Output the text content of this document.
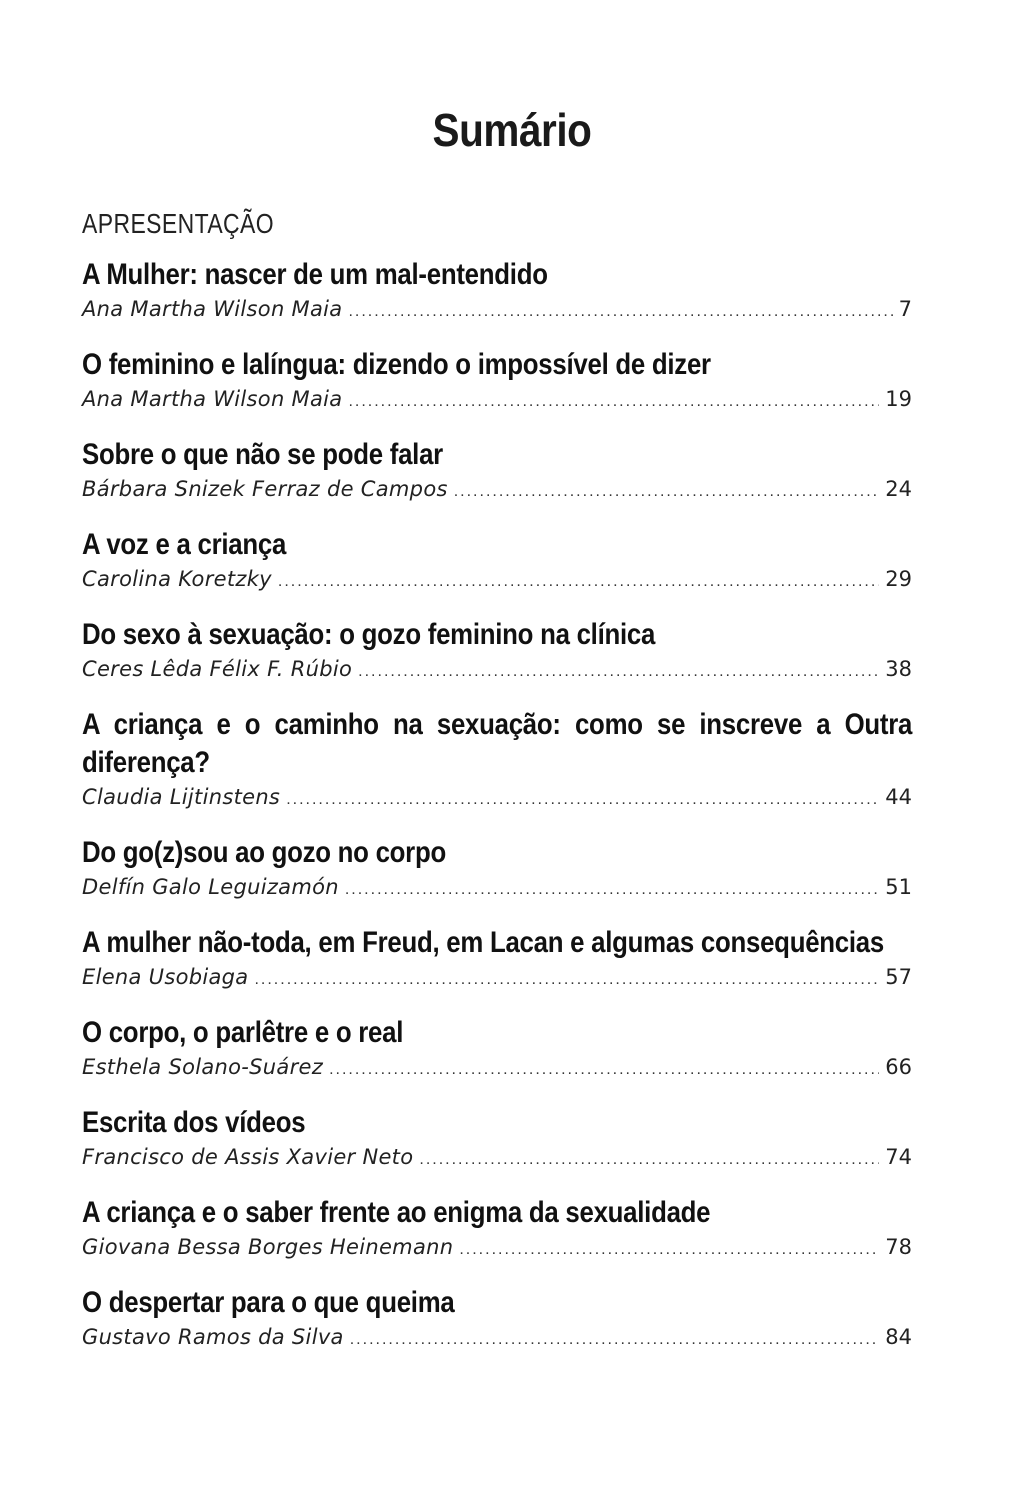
Sumário
APRESENTAÇÃO
A Mulher: nascer de um mal-entendido
Ana Martha Wilson Maia .....	7
O feminino e lalíngua: dizendo o impossível de dizer
Ana Martha Wilson Maia .....	19
Sobre o que não se pode falar
Bárbara Snizek Ferraz de Campos .....	24
A voz e a criança
Carolina Koretzky .....	29
Do sexo à sexuação: o gozo feminino na clínica
Ceres Lêda Félix F. Rúbio .....	38
A criança e o caminho na sexuação: como se inscreve a Outra diferença?
Claudia Lijtinstens .....	44
Do go(z)sou ao gozo no corpo
Delfín Galo Leguizamón .....	51
A mulher não-toda, em Freud, em Lacan e algumas consequências
Elena Usobiaga .....	57
O corpo, o parlêtre e o real
Esthela Solano-Suárez .....	66
Escrita dos vídeos
Francisco de Assis Xavier Neto .....	74
A criança e o saber frente ao enigma da sexualidade
Giovana Bessa Borges Heinemann .....	78
O despertar para o que queima
Gustavo Ramos da Silva .....	84
